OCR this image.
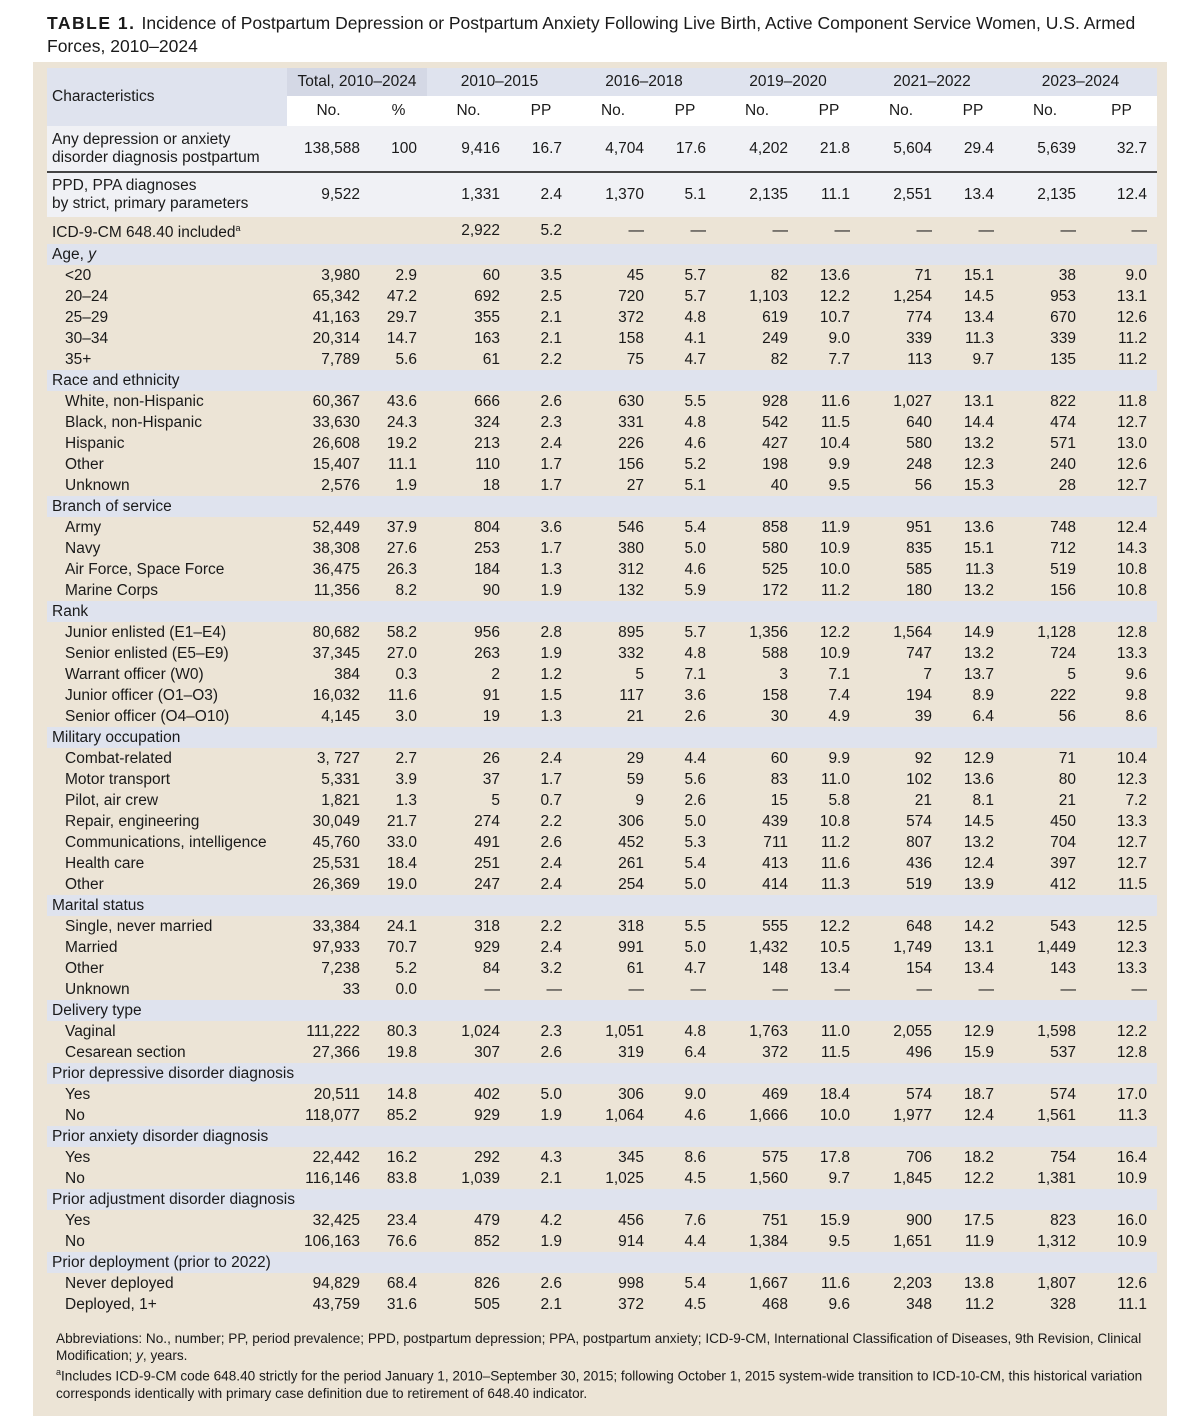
TABLE 1. Incidence of Postpartum Depression or Postpartum Anxiety Following Live Birth, Active Component Service Women, U.S. Armed Forces, 2010–2024
Characteristics	Total, 2010–2024		2010–2015		2016–2018		2019–2020		2021–2022		2023–2024	
	No.	%	No.	PP	No.	PP	No.	PP	No.	PP	No.	PP

Any depression or anxiety
disorder diagnosis postpartum	138,588	100	9,416	16.7	4,704	17.6	4,202	21.8	5,604	29.4	5,639	32.7

PPD, PPA diagnoses
by strict, primary parameters	9,522		1,331	2.4	1,370	5.1	2,135	11.1	2,551	13.4	2,135	12.4
ICD-9-CM 648.40 included$^a$			2,922	5.2	—	—	—	—	—	—	—	—
Age, y												
<20	3,980	2.9	60	3.5	45	5.7	82	13.6	71	15.1	38	9.0
20–24	65,342	47.2	692	2.5	720	5.7	1,103	12.2	1,254	14.5	953	13.1
25–29	41,163	29.7	355	2.1	372	4.8	619	10.7	774	13.4	670	12.6
30–34	20,314	14.7	163	2.1	158	4.1	249	9.0	339	11.3	339	11.2
35+	7,789	5.6	61	2.2	75	4.7	82	7.7	113	9.7	135	11.2
Race and ethnicity												
White, non-Hispanic	60,367	43.6	666	2.6	630	5.5	928	11.6	1,027	13.1	822	11.8
Black, non-Hispanic	33,630	24.3	324	2.3	331	4.8	542	11.5	640	14.4	474	12.7
Hispanic	26,608	19.2	213	2.4	226	4.6	427	10.4	580	13.2	571	13.0
Other	15,407	11.1	110	1.7	156	5.2	198	9.9	248	12.3	240	12.6
Unknown	2,576	1.9	18	1.7	27	5.1	40	9.5	56	15.3	28	12.7
Branch of service												
Army	52,449	37.9	804	3.6	546	5.4	858	11.9	951	13.6	748	12.4
Navy	38,308	27.6	253	1.7	380	5.0	580	10.9	835	15.1	712	14.3
Air Force, Space Force	36,475	26.3	184	1.3	312	4.6	525	10.0	585	11.3	519	10.8
Marine Corps	11,356	8.2	90	1.9	132	5.9	172	11.2	180	13.2	156	10.8
Rank												
Junior enlisted (E1–E4)	80,682	58.2	956	2.8	895	5.7	1,356	12.2	1,564	14.9	1,128	12.8
Senior enlisted (E5–E9)	37,345	27.0	263	1.9	332	4.8	588	10.9	747	13.2	724	13.3
Warrant officer (W0)	384	0.3	2	1.2	5	7.1	3	7.1	7	13.7	5	9.6
Junior officer (O1–O3)	16,032	11.6	91	1.5	117	3.6	158	7.4	194	8.9	222	9.8
Senior officer (O4–O10)	4,145	3.0	19	1.3	21	2.6	30	4.9	39	6.4	56	8.6
Military occupation												
Combat-related	3, 727	2.7	26	2.4	29	4.4	60	9.9	92	12.9	71	10.4
Motor transport	5,331	3.9	37	1.7	59	5.6	83	11.0	102	13.6	80	12.3
Pilot, air crew	1,821	1.3	5	0.7	9	2.6	15	5.8	21	8.1	21	7.2
Repair, engineering	30,049	21.7	274	2.2	306	5.0	439	10.8	574	14.5	450	13.3
Communications, intelligence	45,760	33.0	491	2.6	452	5.3	711	11.2	807	13.2	704	12.7
Health care	25,531	18.4	251	2.4	261	5.4	413	11.6	436	12.4	397	12.7
Other	26,369	19.0	247	2.4	254	5.0	414	11.3	519	13.9	412	11.5
Marital status												
Single, never married	33,384	24.1	318	2.2	318	5.5	555	12.2	648	14.2	543	12.5
Married	97,933	70.7	929	2.4	991	5.0	1,432	10.5	1,749	13.1	1,449	12.3
Other	7,238	5.2	84	3.2	61	4.7	148	13.4	154	13.4	143	13.3
Unknown	33	0.0	—	—	—	—	—	—	—	—	—	—
Delivery type												
Vaginal	111,222	80.3	1,024	2.3	1,051	4.8	1,763	11.0	2,055	12.9	1,598	12.2
Cesarean section	27,366	19.8	307	2.6	319	6.4	372	11.5	496	15.9	537	12.8
Prior depressive disorder diagnosis												
Yes	20,511	14.8	402	5.0	306	9.0	469	18.4	574	18.7	574	17.0
No	118,077	85.2	929	1.9	1,064	4.6	1,666	10.0	1,977	12.4	1,561	11.3
Prior anxiety disorder diagnosis												
Yes	22,442	16.2	292	4.3	345	8.6	575	17.8	706	18.2	754	16.4
No	116,146	83.8	1,039	2.1	1,025	4.5	1,560	9.7	1,845	12.2	1,381	10.9
Prior adjustment disorder diagnosis												
Yes	32,425	23.4	479	4.2	456	7.6	751	15.9	900	17.5	823	16.0
No	106,163	76.6	852	1.9	914	4.4	1,384	9.5	1,651	11.9	1,312	10.9
Prior deployment (prior to 2022)												
Never deployed	94,829	68.4	826	2.6	998	5.4	1,667	11.6	2,203	13.8	1,807	12.6
Deployed, 1+	43,759	31.6	505	2.1	372	4.5	468	9.6	348	11.2	328	11.1

Abbreviations: No., number; PP, period prevalence; PPD, postpartum depression; PPA, postpartum anxiety; ICD-9-CM, International Classification of Diseases, 9th Revision, Clinical Modification; y, years.

$^a$Includes ICD-9-CM code 648.40 strictly for the period January 1, 2010–September 30, 2015; following October 1, 2015 system-wide transition to ICD-10-CM, this historical variation corresponds identically with primary case definition due to retirement of 648.40 indicator.
